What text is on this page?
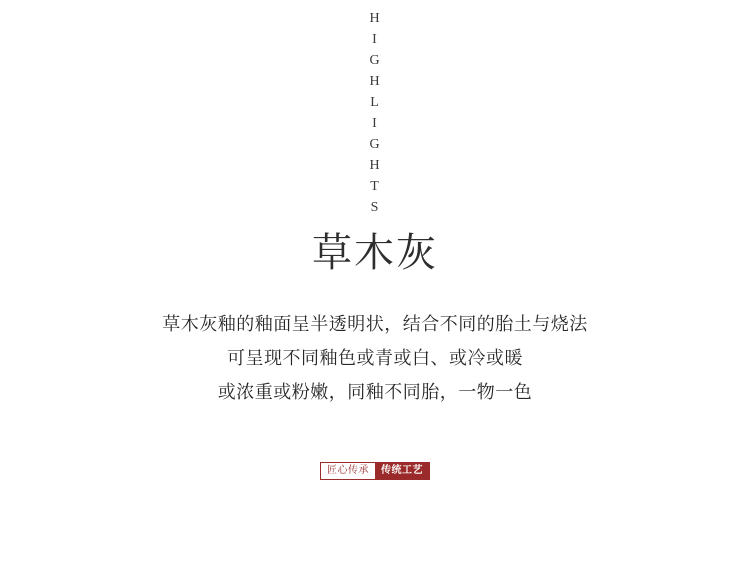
H
I
G
H
L
I
G
H
T
S
草木灰
草木灰釉的釉面呈半透明状，结合不同的胎土与烧法
可呈现不同釉色或青或白、或冷或暖
或浓重或粉嫩，同釉不同胎，一物一色
匠心传承	传统工艺
